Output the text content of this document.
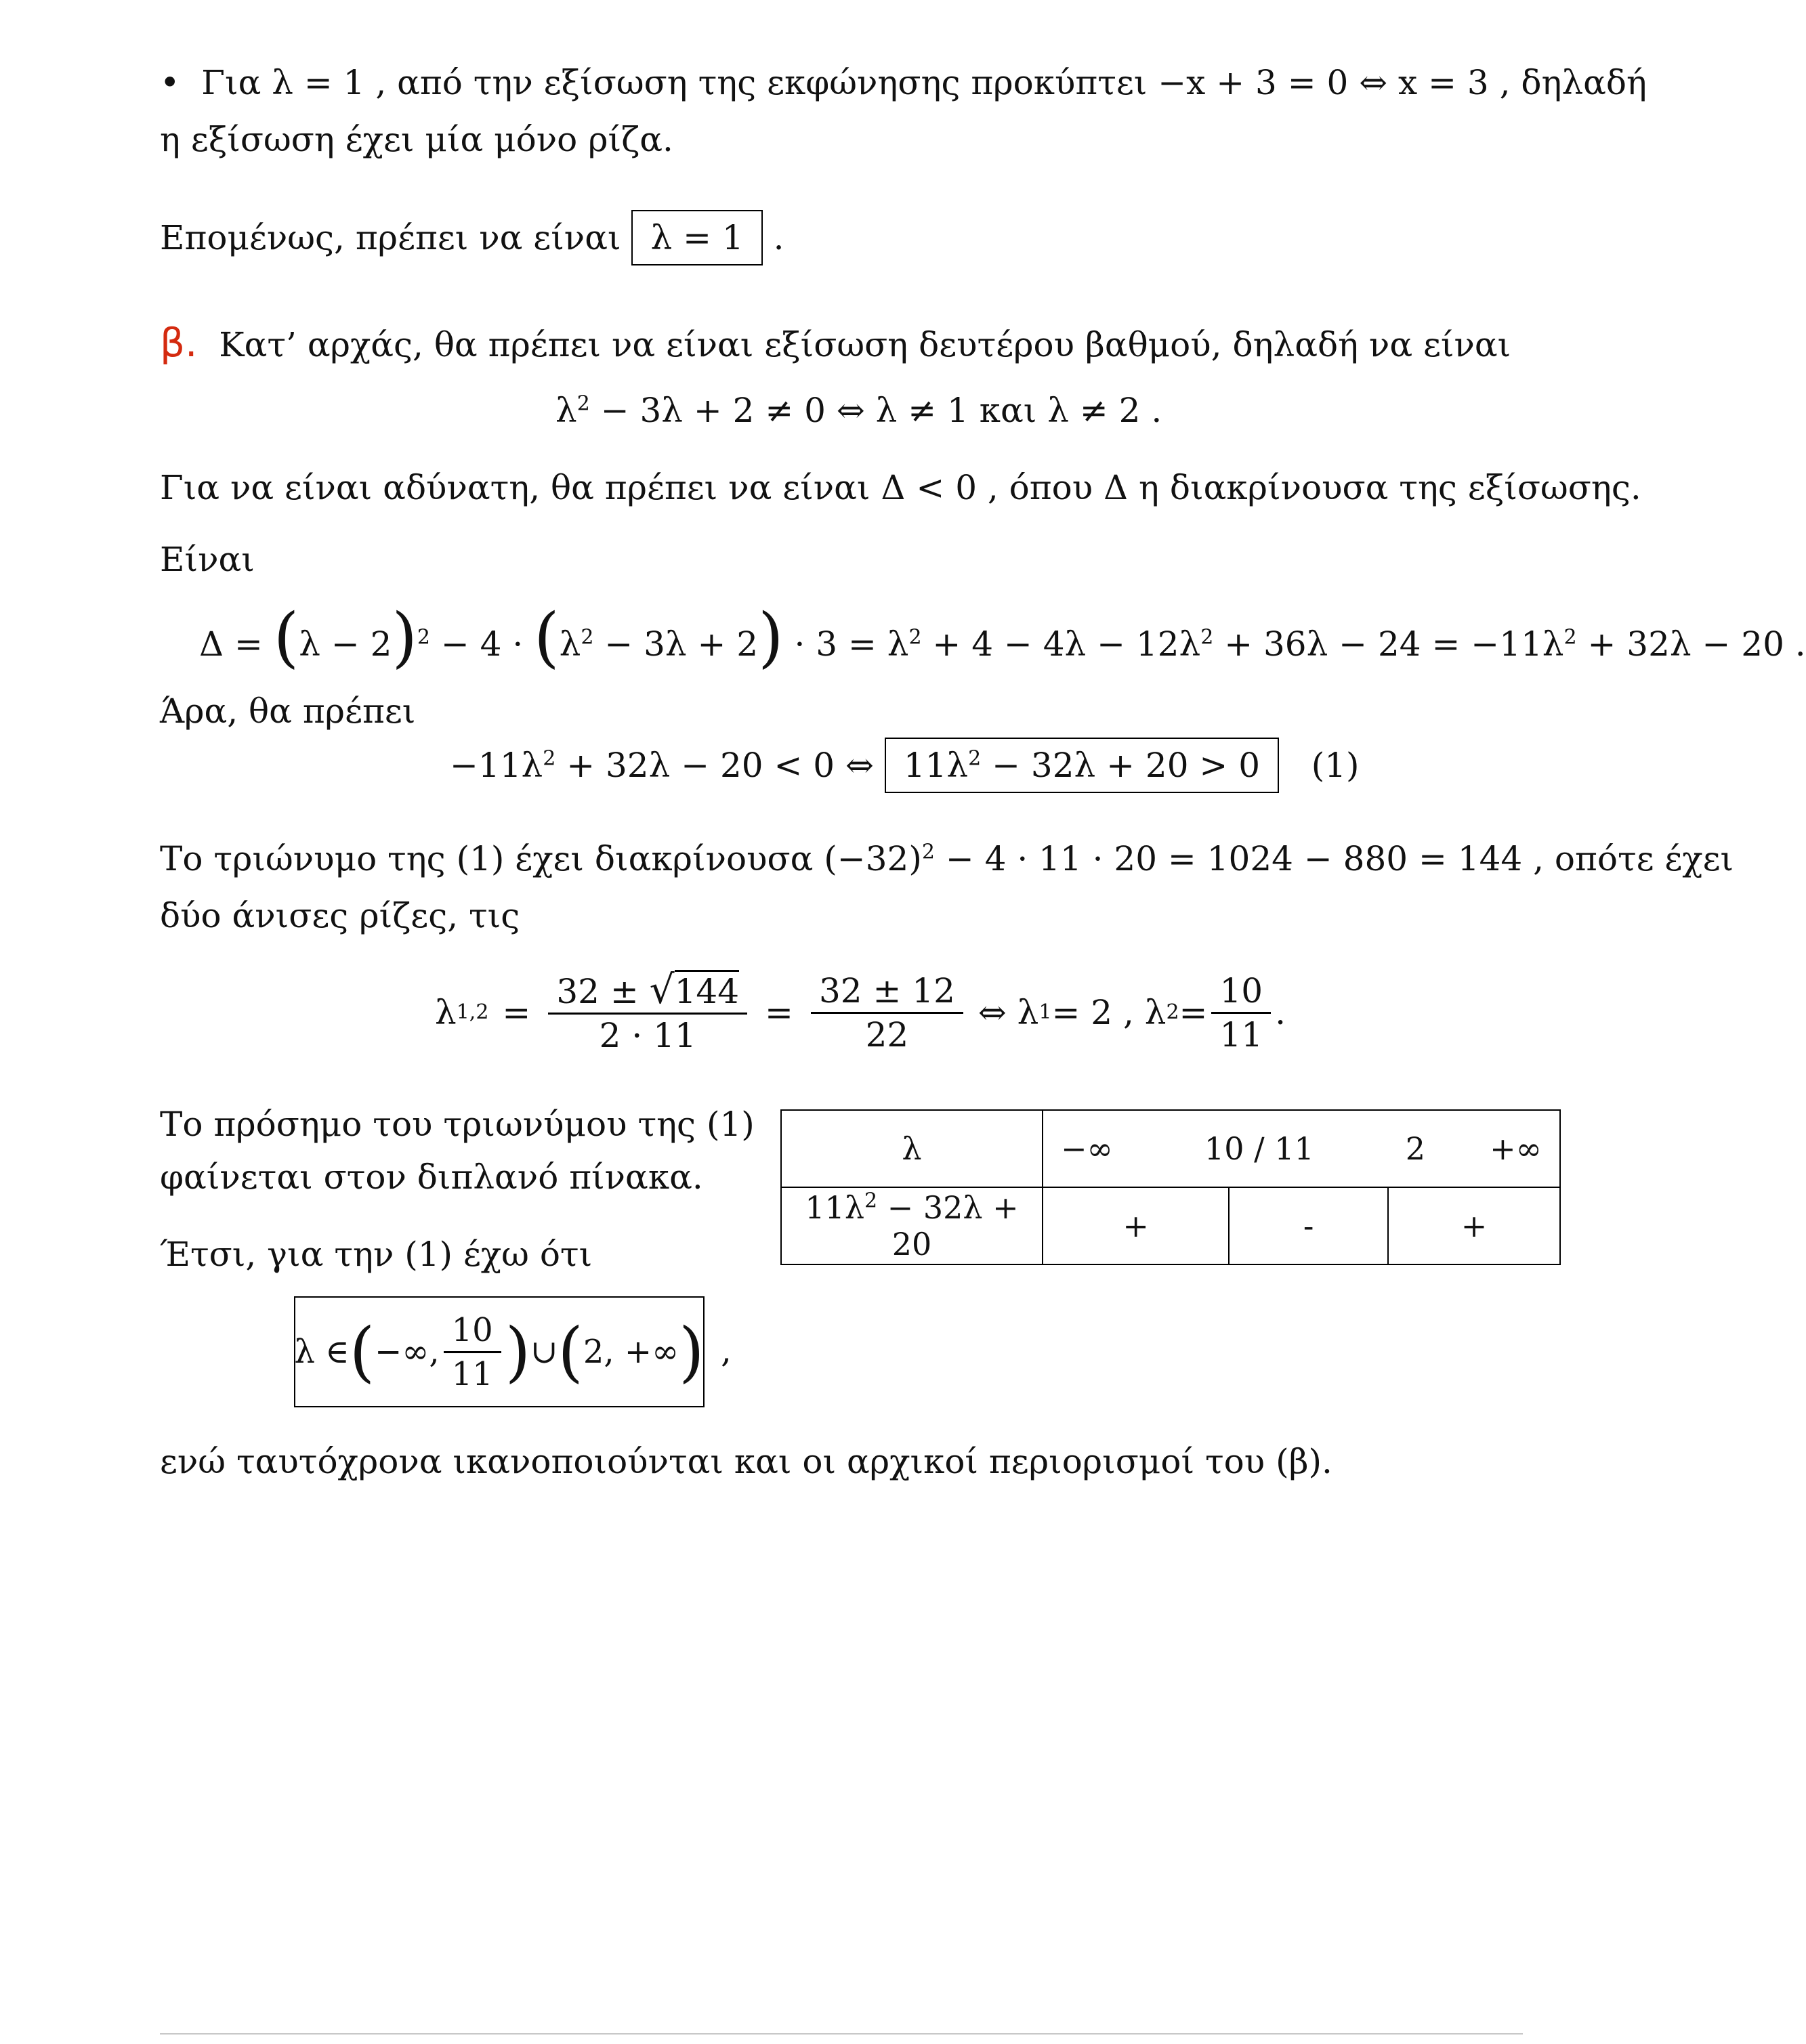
• Για λ = 1 , από την εξίσωση της εκφώνησης προκύπτει −x + 3 = 0 ⇔ x = 3 , δηλαδή
η εξίσωση έχει μία μόνο ρίζα.
Επομένως, πρέπει να είναι λ = 1 .
β. Κατ’ αρχάς, θα πρέπει να είναι εξίσωση δευτέρου βαθμού, δηλαδή να είναι
$\lambda^2 - 3\lambda + 2 \ne 0$ ⇔ λ ≠ 1 και λ ≠ 2 .
Για να είναι αδύνατη, θα πρέπει να είναι Δ < 0 , όπου Δ η διακρίνουσα της εξίσωσης.
Είναι
$\Delta = (\lambda - 2)^2 - 4 \cdot (\lambda^2 - 3\lambda + 2) \cdot 3 = \lambda^2 + 4 - 4\lambda - 12\lambda^2 + 36\lambda - 24 = -11\lambda^2 + 32\lambda - 20$ .
Άρα, θα πρέπει
$-11\lambda^2 + 32\lambda - 20 < 0$ ⇔ $11\lambda^2 - 32\lambda + 20 > 0$ (1)
Το τριώνυμο της (1) έχει διακρίνουσα $(-32)^2 - 4 \cdot 11 \cdot 20 = 1024 - 880 = 144$ , οπότε έχει
δύο άνισες ρίζες, τις
λ $1,2 = \frac{32 \pm √144}{2 \cdot 11} = \frac{32 \pm 12}{22}$ ⇔ λ 1 = 2 , λ $2 = \frac{10}{11}$ .
Το πρόσημο του τριωνύμου της (1)
φαίνεται στον διπλανό πίνακα.
Έτσι, για την (1) έχω ότι
λ	−∞ 10 / 11 2 +∞		

$11\lambda^2 - 32\lambda + 20$	+	-	+
λ ∈ ( −∞, $\frac{10}{11}$ ) ∪ ( 2, +∞ ) ,
ενώ ταυτόχρονα ικανοποιούνται και οι αρχικοί περιορισμοί του (β).
